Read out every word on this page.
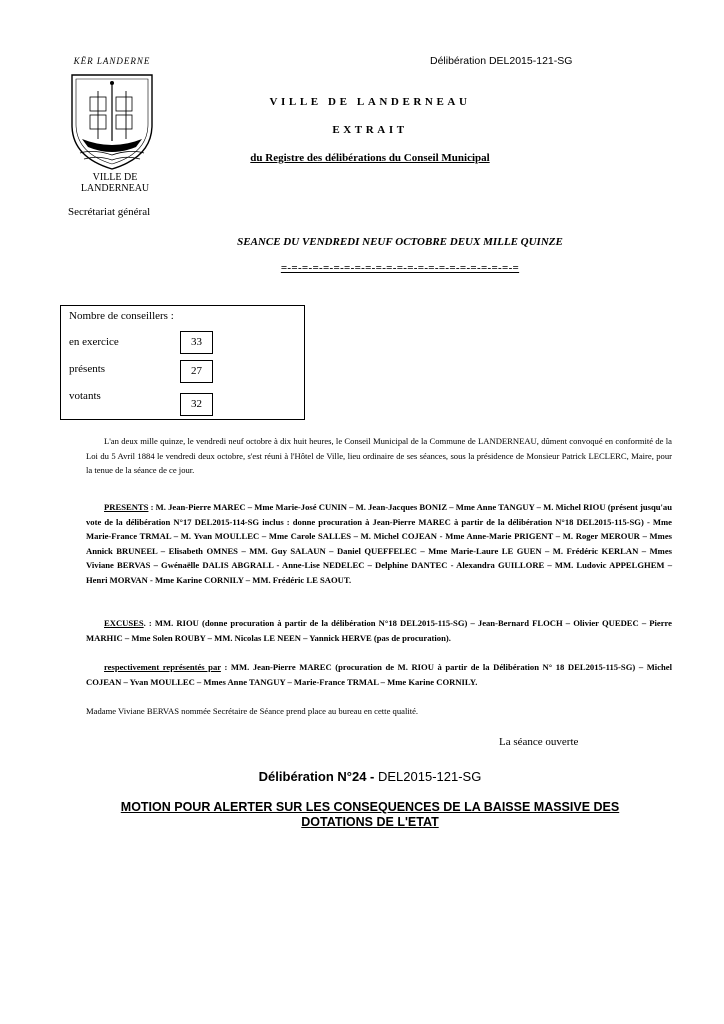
KËR LANDERNE
VILLE DE
LANDERNEAU
Secrétariat général
Délibération DEL2015-121-SG
VILLE DE LANDERNEAU
EXTRAIT
du Registre des délibérations du Conseil Municipal
SEANCE DU VENDREDI NEUF OCTOBRE DEUX MILLE QUINZE
=-=-=-=-=-=-=-=-=-=-=-=-=-=-=-=-=-=-=-=-=-=-=
Nombre de conseillers :
en exercice	33
présents	27
votants
32
L'an deux mille quinze, le vendredi neuf octobre à dix huit heures, le Conseil Municipal de la Commune de LANDERNEAU, dûment convoqué en conformité de la Loi du 5 Avril 1884 le vendredi deux octobre, s'est réuni à l'Hôtel de Ville, lieu ordinaire de ses séances, sous la présidence de Monsieur Patrick LECLERC, Maire, pour la tenue de la séance de ce jour.
PRESENTS : M. Jean-Pierre MAREC – Mme Marie-José CUNIN – M. Jean-Jacques BONIZ – Mme Anne TANGUY – M. Michel RIOU (présent jusqu'au vote de la délibération N°17 DEL2015-114-SG inclus : donne procuration à Jean-Pierre MAREC à partir de la délibération N°18 DEL2015-115-SG) - Mme Marie-France TRMAL – M. Yvan MOULLEC – Mme Carole SALLES – M. Michel COJEAN - Mme Anne-Marie PRIGENT – M. Roger MEROUR – Mmes Annick BRUNEEL – Elisabeth OMNES – MM. Guy SALAUN – Daniel QUEFFELEC – Mme Marie-Laure LE GUEN – M. Frédéric KERLAN – Mmes Viviane BERVAS – Gwénaëlle DALIS ABGRALL - Anne-Lise NEDELEC – Delphine DANTEC - Alexandra GUILLORE – MM. Ludovic APPELGHEM – Henri MORVAN - Mme Karine CORNILY – MM. Frédéric LE SAOUT.
EXCUSES. : MM. RIOU (donne procuration à partir de la délibération N°18 DEL2015-115-SG) – Jean-Bernard FLOCH – Olivier QUEDEC – Pierre MARHIC – Mme Solen ROUBY – MM. Nicolas LE NEEN – Yannick HERVE (pas de procuration).
respectivement représentés par : MM. Jean-Pierre MAREC (procuration de M. RIOU à partir de la Délibération N° 18 DEL2015-115-SG) – Michel COJEAN – Yvan MOULLEC – Mmes Anne TANGUY – Marie-France TRMAL – Mme Karine CORNILY.
Madame Viviane BERVAS nommée Secrétaire de Séance prend place au bureau en cette qualité.
La séance ouverte
Délibération N°24 - DEL2015-121-SG
MOTION POUR ALERTER SUR LES CONSEQUENCES DE LA BAISSE MASSIVE DES DOTATIONS DE L'ETAT
